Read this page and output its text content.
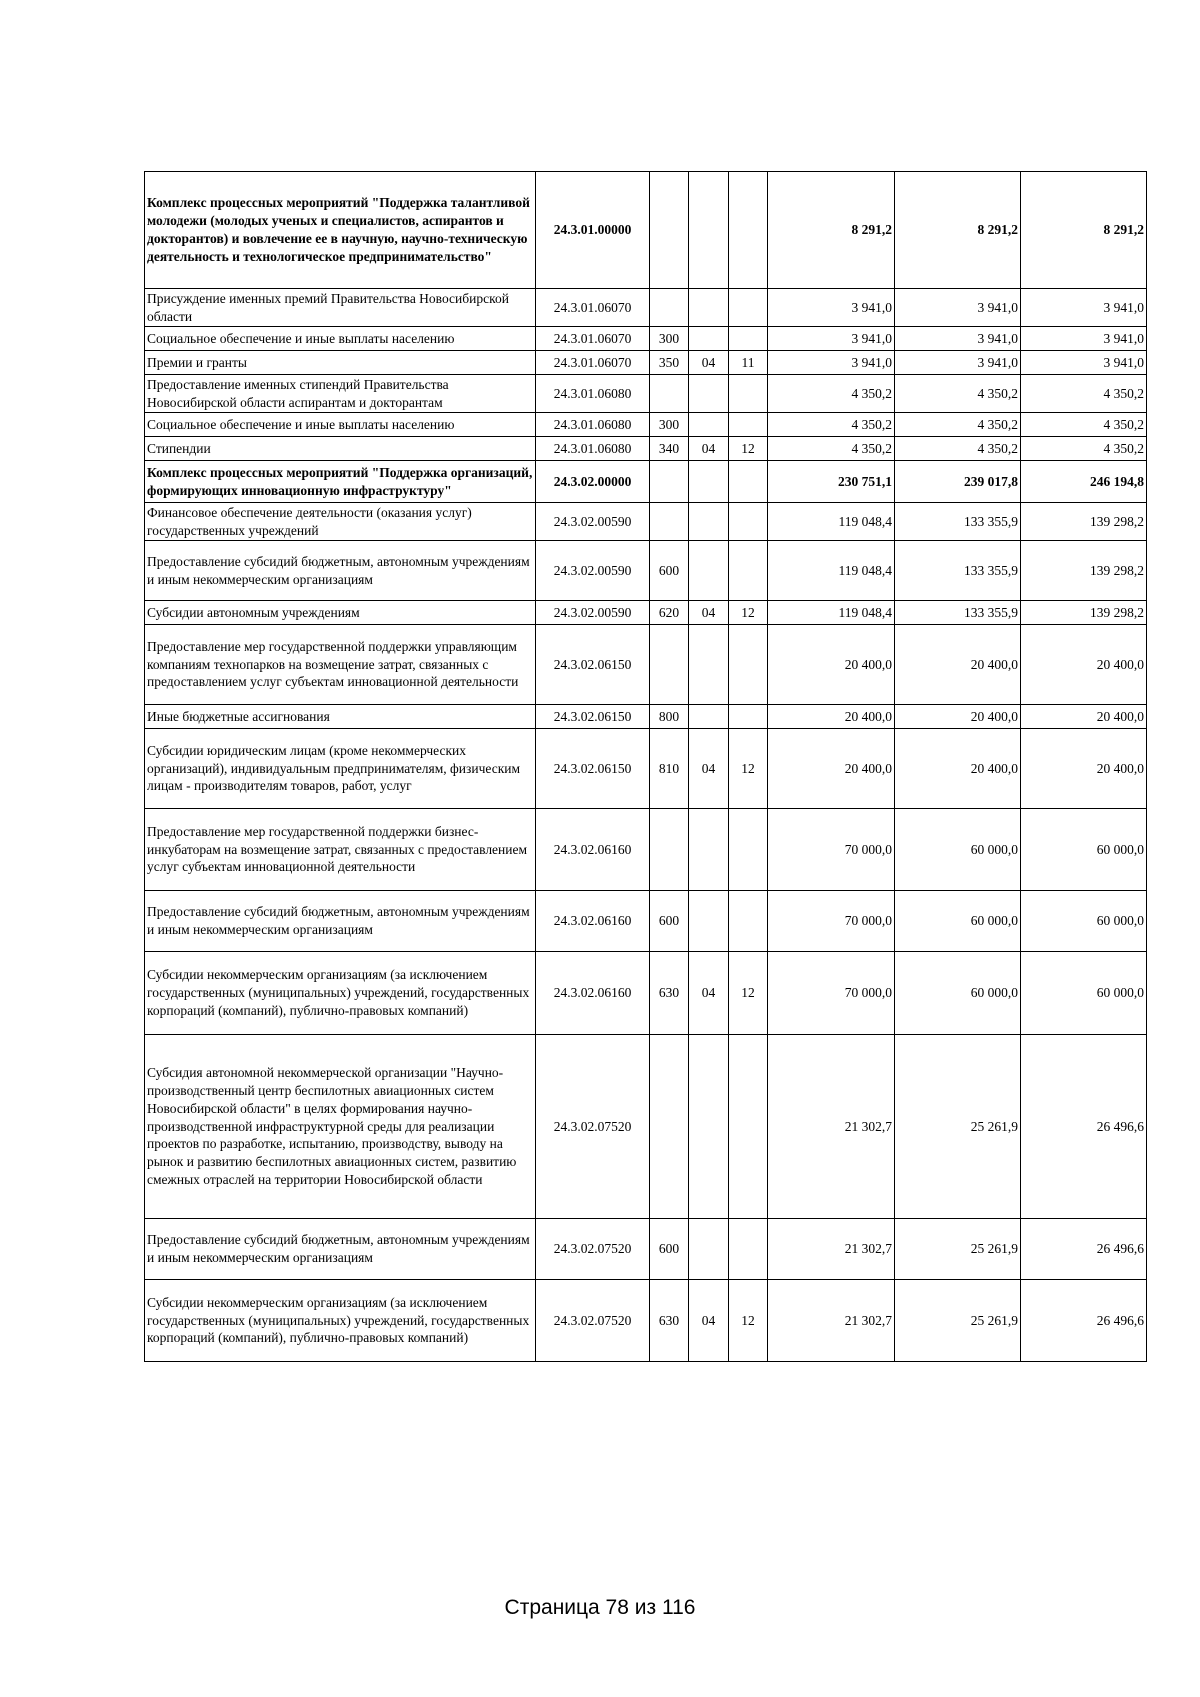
Комплекс процессных мероприятий "Поддержка талантливой молодежи (молодых ученых и специалистов, аспирантов и докторантов) и вовлечение ее в научную, научно-техническую деятельность и технологическое предпринимательство"	24.3.01.00000				8 291,2	8 291,2	8 291,2
Присуждение именных премий Правительства Новосибирской области	24.3.01.06070				3 941,0	3 941,0	3 941,0
Социальное обеспечение и иные выплаты населению	24.3.01.06070	300			3 941,0	3 941,0	3 941,0
Премии и гранты	24.3.01.06070	350	04	11	3 941,0	3 941,0	3 941,0
Предоставление именных стипендий Правительства Новосибирской области аспирантам и докторантам	24.3.01.06080				4 350,2	4 350,2	4 350,2
Социальное обеспечение и иные выплаты населению	24.3.01.06080	300			4 350,2	4 350,2	4 350,2
Стипендии	24.3.01.06080	340	04	12	4 350,2	4 350,2	4 350,2
Комплекс процессных мероприятий "Поддержка организаций, формирующих инновационную инфраструктуру"	24.3.02.00000				230 751,1	239 017,8	246 194,8
Финансовое обеспечение деятельности (оказания услуг) государственных учреждений	24.3.02.00590				119 048,4	133 355,9	139 298,2
Предоставление субсидий бюджетным, автономным учреждениям и иным некоммерческим организациям	24.3.02.00590	600			119 048,4	133 355,9	139 298,2
Субсидии автономным учреждениям	24.3.02.00590	620	04	12	119 048,4	133 355,9	139 298,2
Предоставление мер государственной поддержки управляющим компаниям технопарков на возмещение затрат, связанных с предоставлением услуг субъектам инновационной деятельности	24.3.02.06150				20 400,0	20 400,0	20 400,0
Иные бюджетные ассигнования	24.3.02.06150	800			20 400,0	20 400,0	20 400,0
Субсидии юридическим лицам (кроме некоммерческих организаций), индивидуальным предпринимателям, физическим лицам - производителям товаров, работ, услуг	24.3.02.06150	810	04	12	20 400,0	20 400,0	20 400,0
Предоставление мер государственной поддержки бизнес-инкубаторам на возмещение затрат, связанных с предоставлением услуг субъектам инновационной деятельности	24.3.02.06160				70 000,0	60 000,0	60 000,0
Предоставление субсидий бюджетным, автономным учреждениям и иным некоммерческим организациям	24.3.02.06160	600			70 000,0	60 000,0	60 000,0
Субсидии некоммерческим организациям (за исключением государственных (муниципальных) учреждений, государственных корпораций (компаний), публично-правовых компаний)	24.3.02.06160	630	04	12	70 000,0	60 000,0	60 000,0
Субсидия автономной некоммерческой организации "Научно-производственный центр беспилотных авиационных систем Новосибирской области" в целях формирования научно-производственной инфраструктурной среды для реализации проектов по разработке, испытанию, производству, выводу на рынок и развитию беспилотных авиационных систем, развитию смежных отраслей на территории Новосибирской области	24.3.02.07520				21 302,7	25 261,9	26 496,6
Предоставление субсидий бюджетным, автономным учреждениям и иным некоммерческим организациям	24.3.02.07520	600			21 302,7	25 261,9	26 496,6
Субсидии некоммерческим организациям (за исключением государственных (муниципальных) учреждений, государственных корпораций (компаний), публично-правовых компаний)	24.3.02.07520	630	04	12	21 302,7	25 261,9	26 496,6
Страница 78 из 116
